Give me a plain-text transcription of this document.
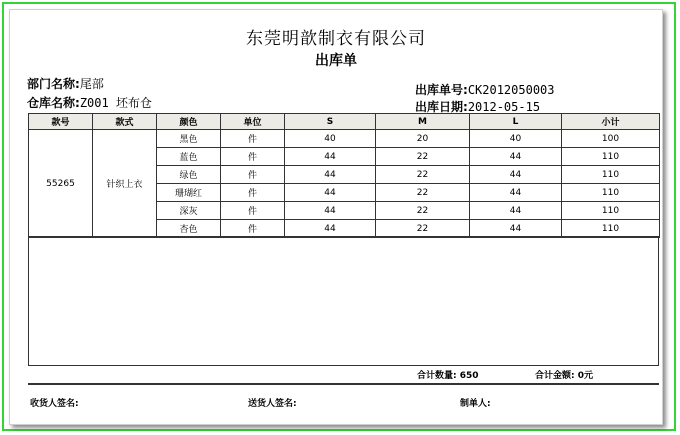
东莞明歆制衣有限公司
出库单
部门名称:尾部
仓库名称:Z001 坯布仓
出库单号:CK2012050003
出库日期:2012-05-15
款号	款式	颜色	单位	S	M	L	小计
55265	针织上衣	黑色	件	40	20	40	100
		蓝色	件	44	22	44	110
		绿色	件	44	22	44	110
		珊瑚红	件	44	22	44	110
		深灰	件	44	22	44	110
		杏色	件	44	22	44	110
合计数量: 650	合计金额: 0元
收货人签名:	送货人签名:	制单人:
